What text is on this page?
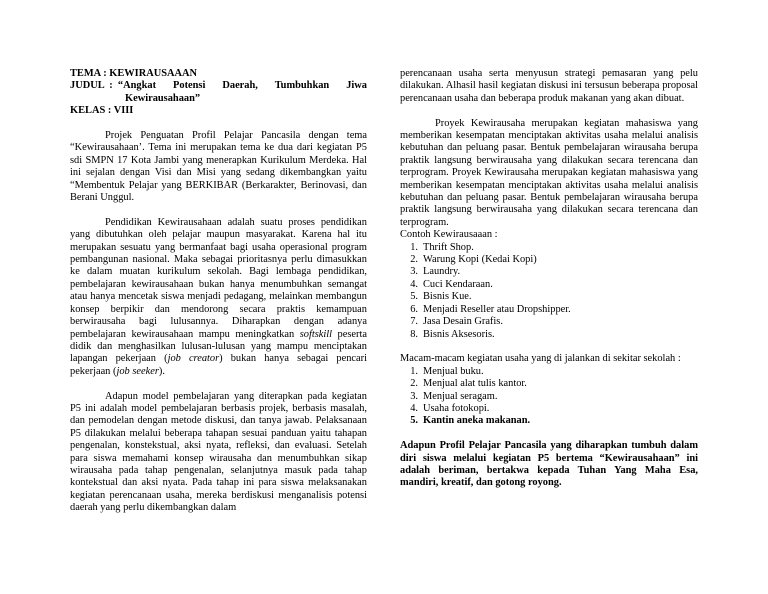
TEMA : KEWIRAUSAAAN
JUDUL  : “Angkat Potensi Daerah, Tumbuhkan Jiwa
Kewirausahaan”
KELAS : VIII

Projek Penguatan Profil Pelajar Pancasila dengan tema “Kewirausahaan’. Tema ini merupakan tema ke dua dari kegiatan P5 sdi SMPN 17 Kota Jambi yang menerapkan Kurikulum Merdeka. Hal ini sejalan dengan Visi dan Misi yang sedang dikembangkan yaitu “Membentuk Pelajar yang BERKIBAR (Berkarakter, Berinovasi, dan Berani Unggul.

Pendidikan Kewirausahaan adalah suatu proses pendidikan yang dibutuhkan oleh pelajar maupun masyarakat. Karena hal itu merupakan sesuatu yang bermanfaat bagi usaha operasional program pembangunan nasional. Maka sebagai prioritasnya perlu dimasukkan ke dalam muatan kurikulum sekolah. Bagi lembaga pendidikan, pembelajaran kewirausahaan bukan hanya menumbuhkan semangat atau hanya mencetak siswa menjadi pedagang, melainkan membangun konsep berpikir dan mendorong secara praktis kemampuan berwirausaha bagi lulusannya. Diharapkan dengan adanya pembelajaran kewirausahaan mampu meningkatkan softskill peserta didik dan menghasilkan lulusan-lulusan yang mampu menciptakan lapangan pekerjaan (job creator) bukan hanya sebagai pencari pekerjaan (job seeker).

Adapun model pembelajaran yang diterapkan pada kegiatan P5 ini adalah model pembelajaran berbasis projek, berbasis masalah, dan pemodelan dengan metode diskusi, dan tanya jawab. Pelaksanaan P5 dilakukan melalui beberapa tahapan sesuai panduan yaitu tahapan pengenalan, konstekstual, aksi nyata, refleksi, dan evaluasi. Setelah para siswa memahami konsep wirausaha dan menumbuhkan sikap wirausaha pada tahap pengenalan, selanjutnya masuk pada tahap kontekstual dan aksi nyata. Pada tahap ini para siswa melaksanakan kegiatan perencanaan usaha, mereka berdiskusi menganalisis potensi daerah yang perlu dikembangkan dalam

perencanaan usaha serta menyusun strategi pemasaran yang pelu dilakukan. Alhasil hasil kegiatan diskusi ini tersusun beberapa proposal perencanaan usaha dan beberapa produk makanan yang akan dibuat.

Proyek Kewirausaha merupakan kegiatan mahasiswa yang memberikan kesempatan menciptakan aktivitas usaha melalui analisis kebutuhan dan peluang pasar. Bentuk pembelajaran wirausaha berupa praktik langsung berwirausaha yang dilakukan secara terencana dan terprogram. Proyek Kewirausaha merupakan kegiatan mahasiswa yang memberikan kesempatan menciptakan aktivitas usaha melalui analisis kebutuhan dan peluang pasar. Bentuk pembelajaran wirausaha berupa praktik langsung berwirausaha yang dilakukan secara terencana dan terprogram.

Contoh Kewirausaaan :
1. Thrift Shop.
2. Warung Kopi (Kedai Kopi)
3. Laundry.
4. Cuci Kendaraan.
5. Bisnis Kue.
6. Menjadi Reseller atau Dropshipper.
7. Jasa Desain Grafis.
8. Bisnis Aksesoris.
Macam-macam kegiatan usaha yang di jalankan di sekitar sekolah :
1. Menjual buku.
2. Menjual alat tulis kantor.
3. Menjual seragam.
4. Usaha fotokopi.
5. Kantin aneka makanan.

Adapun Profil Pelajar Pancasila yang diharapkan tumbuh dalam diri siswa melalui kegiatan P5 bertema “Kewirausahaan” ini adalah beriman, bertakwa kepada Tuhan Yang Maha Esa, mandiri, kreatif, dan gotong royong.
